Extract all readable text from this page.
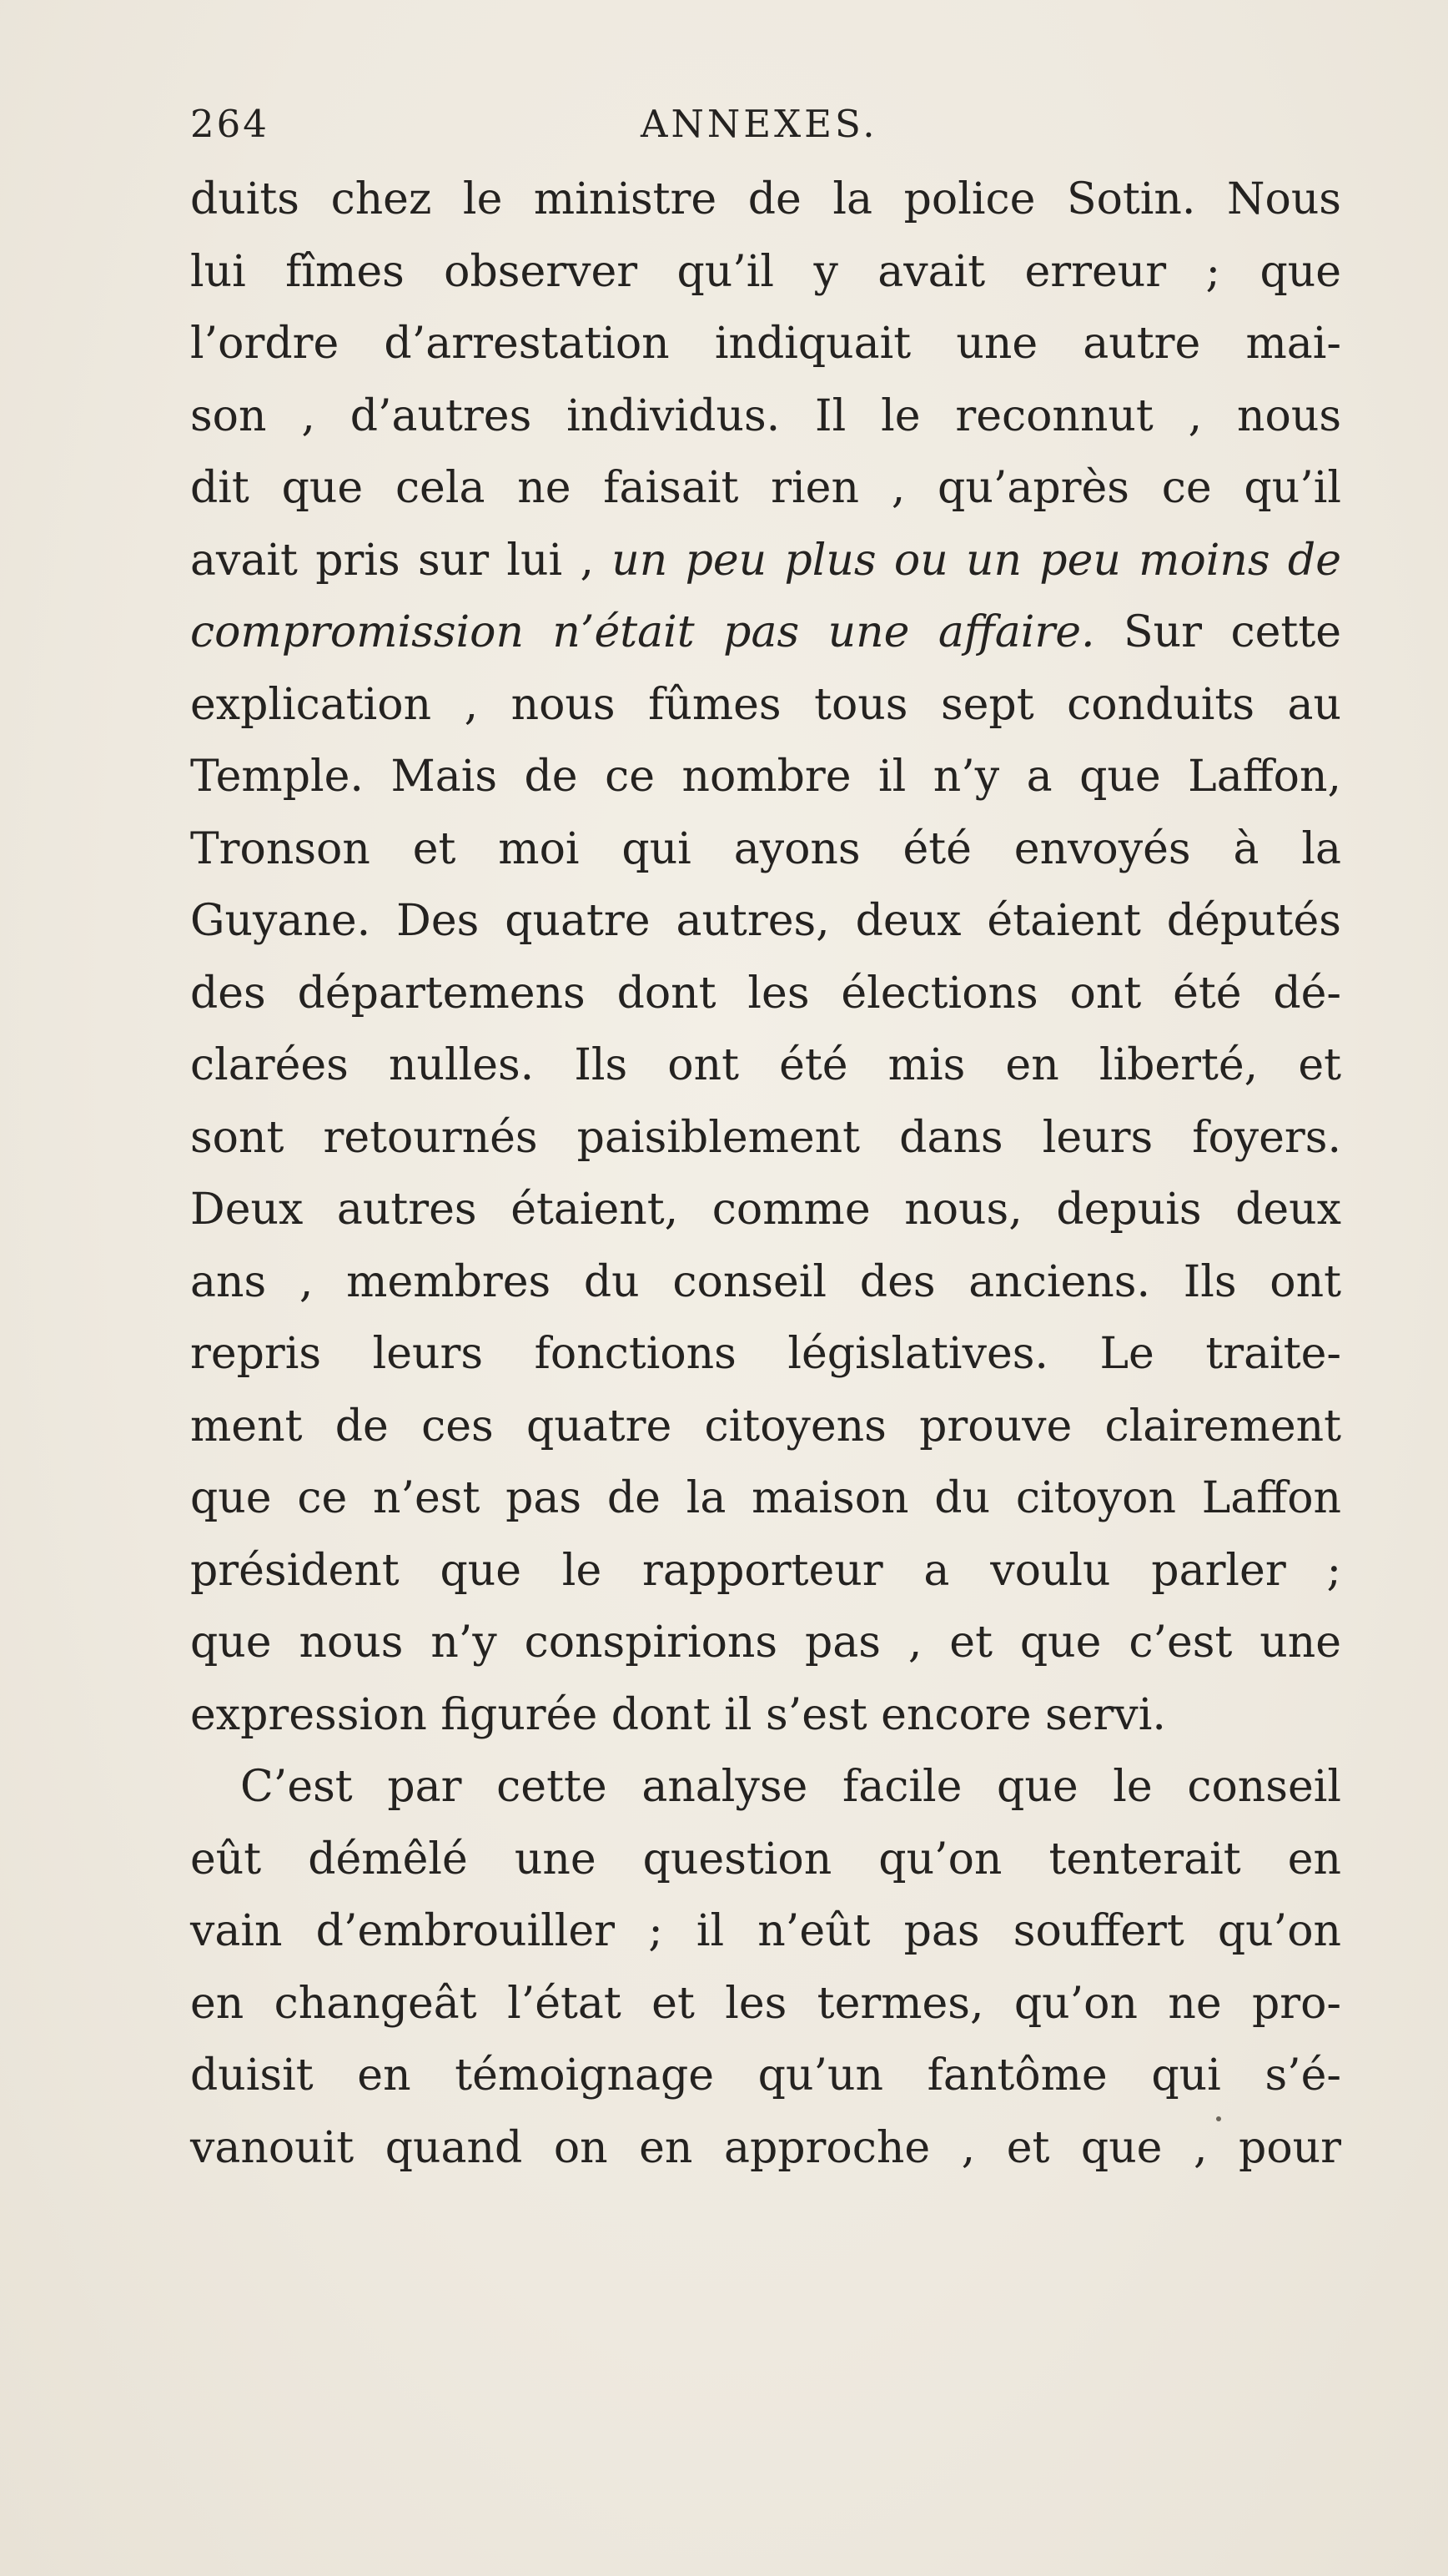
264	ANNEXES.
duits chez le ministre de la police Sotin. Nous
lui fîmes observer qu’il y avait erreur ; que
l’ordre d’arrestation indiquait une autre mai-
son , d’autres individus. Il le reconnut , nous
dit que cela ne faisait rien , qu’après ce qu’il
avait pris sur lui , un peu plus ou un peu moins de
compromission n’était pas une affaire. Sur cette
explication , nous fûmes tous sept conduits au
Temple. Mais de ce nombre il n’y a que Laffon,
Tronson et moi qui ayons été envoyés à la
Guyane. Des quatre autres, deux étaient députés
des départemens dont les élections ont été dé-
clarées nulles. Ils ont été mis en liberté, et
sont retournés paisiblement dans leurs foyers.
Deux autres étaient, comme nous, depuis deux
ans , membres du conseil des anciens. Ils ont
repris leurs fonctions législatives. Le traite-
ment de ces quatre citoyens prouve clairement
que ce n’est pas de la maison du citoyon Laffon
président que le rapporteur a voulu parler ;
que nous n’y conspirions pas , et que c’est une
expression figurée dont il s’est encore servi.
C’est par cette analyse facile que le conseil
eût démêlé une question qu’on tenterait en
vain d’embrouiller ; il n’eût pas souffert qu’on
en changeât l’état et les termes, qu’on ne pro-
duisit en témoignage qu’un fantôme qui s’é-
vanouit quand on en approche , et que , pour
